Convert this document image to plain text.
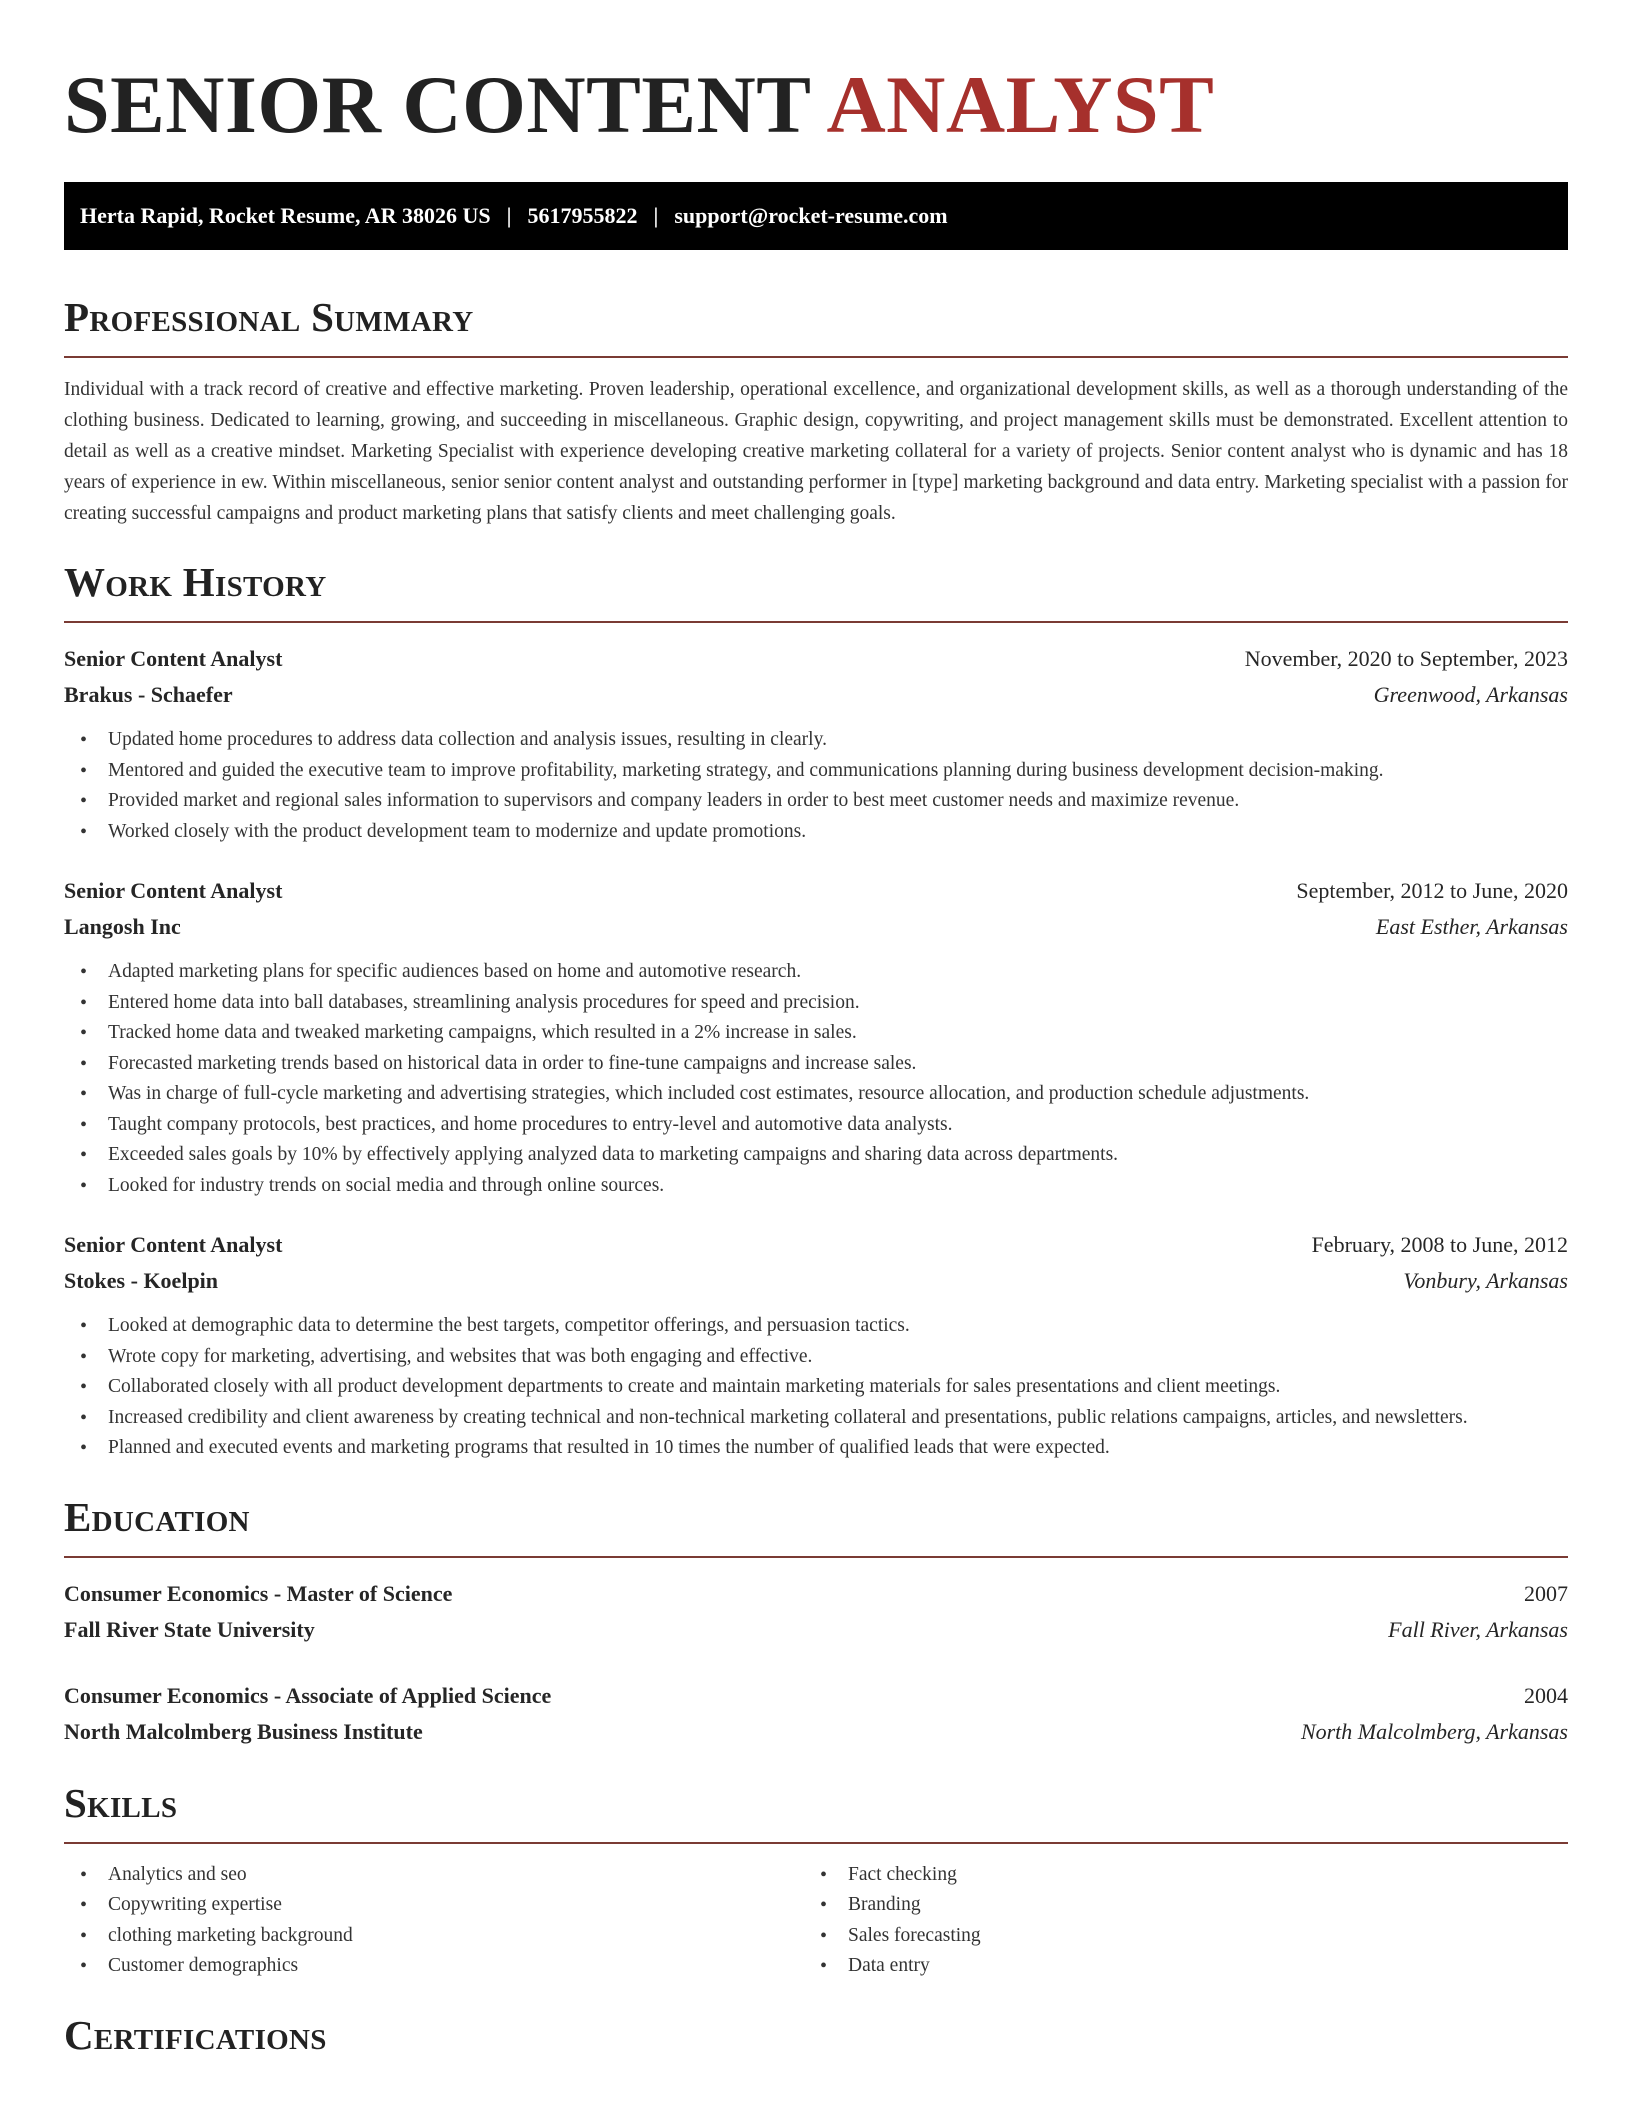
SENIOR CONTENT ANALYST
Herta Rapid, Rocket Resume, AR 38026 US | 5617955822 | support@rocket-resume.com
Professional Summary

Individual with a track record of creative and effective marketing. Proven leadership, operational excellence, and organizational development skills, as well as a thorough understanding of the clothing business. Dedicated to learning, growing, and succeeding in miscellaneous. Graphic design, copywriting, and project management skills must be demonstrated. Excellent attention to detail as well as a creative mindset. Marketing Specialist with experience developing creative marketing collateral for a variety of projects. Senior content analyst who is dynamic and has 18 years of experience in ew. Within miscellaneous, senior senior content analyst and outstanding performer in [type] marketing background and data entry. Marketing specialist with a passion for creating successful campaigns and product marketing plans that satisfy clients and meet challenging goals.

Work History
Senior Content Analyst	November, 2020 to September, 2023
Brakus - Schaefer	Greenwood, Arkansas
• Updated home procedures to address data collection and analysis issues, resulting in clearly.
• Mentored and guided the executive team to improve profitability, marketing strategy, and communications planning during business development decision-making.
• Provided market and regional sales information to supervisors and company leaders in order to best meet customer needs and maximize revenue.
• Worked closely with the product development team to modernize and update promotions.
Senior Content Analyst	September, 2012 to June, 2020
Langosh Inc	East Esther, Arkansas
• Adapted marketing plans for specific audiences based on home and automotive research.
• Entered home data into ball databases, streamlining analysis procedures for speed and precision.
• Tracked home data and tweaked marketing campaigns, which resulted in a 2% increase in sales.
• Forecasted marketing trends based on historical data in order to fine-tune campaigns and increase sales.
• Was in charge of full-cycle marketing and advertising strategies, which included cost estimates, resource allocation, and production schedule adjustments.
• Taught company protocols, best practices, and home procedures to entry-level and automotive data analysts.
• Exceeded sales goals by 10% by effectively applying analyzed data to marketing campaigns and sharing data across departments.
• Looked for industry trends on social media and through online sources.
Senior Content Analyst	February, 2008 to June, 2012
Stokes - Koelpin	Vonbury, Arkansas
• Looked at demographic data to determine the best targets, competitor offerings, and persuasion tactics.
• Wrote copy for marketing, advertising, and websites that was both engaging and effective.
• Collaborated closely with all product development departments to create and maintain marketing materials for sales presentations and client meetings.
• Increased credibility and client awareness by creating technical and non-technical marketing collateral and presentations, public relations campaigns, articles, and newsletters.
• Planned and executed events and marketing programs that resulted in 10 times the number of qualified leads that were expected.
Education
Consumer Economics - Master of Science	2007
Fall River State University	Fall River, Arkansas
Consumer Economics - Associate of Applied Science	2004
North Malcolmberg Business Institute	North Malcolmberg, Arkansas
Skills
• Analytics and seo
• Copywriting expertise
• clothing marketing background
• Customer demographics
• Fact checking
• Branding
• Sales forecasting
• Data entry
Certifications
